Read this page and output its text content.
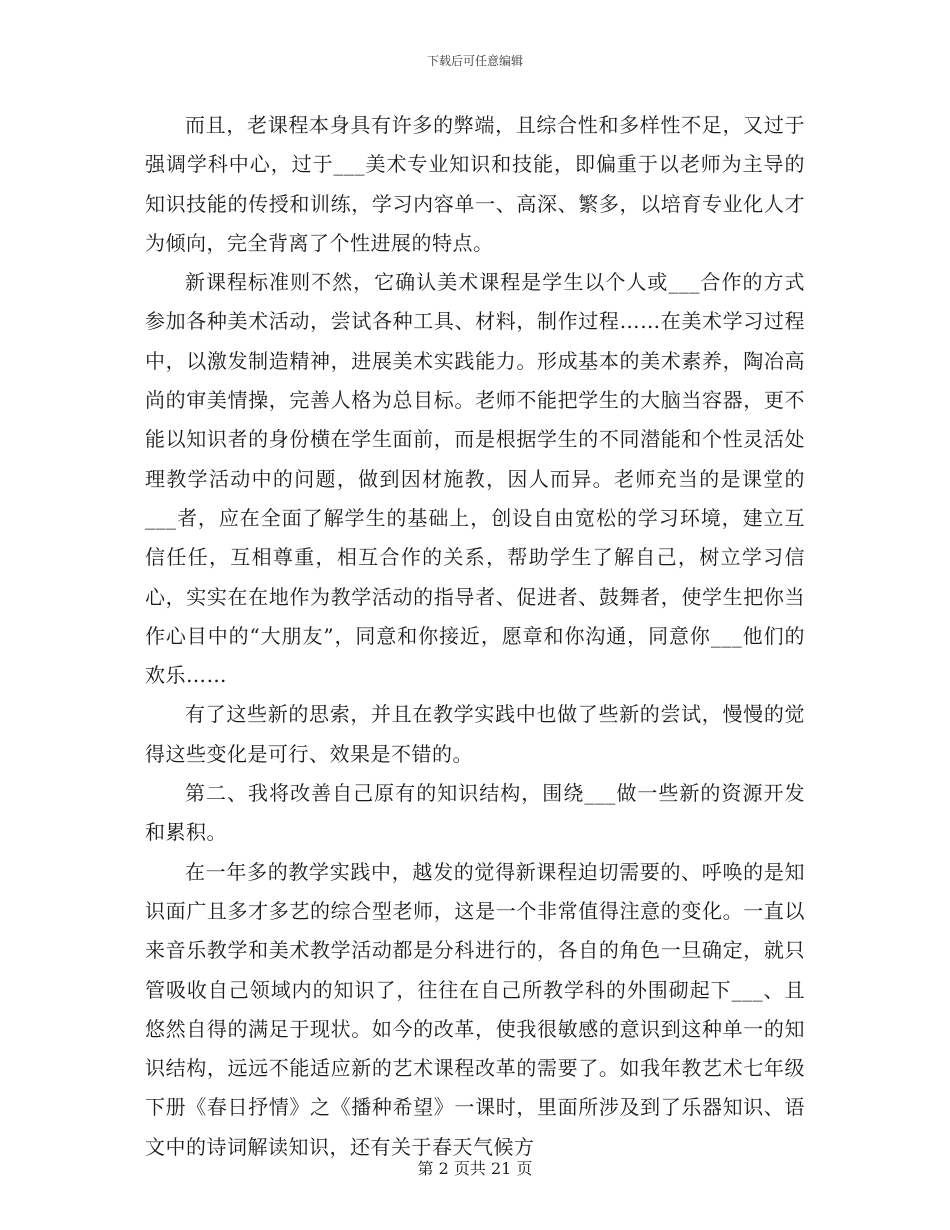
下载后可任意编辑

而且，老课程本身具有许多的弊端，且综合性和多样性不足，又过于强调学科中心，过于___美术专业知识和技能，即偏重于以老师为主导的知识技能的传授和训练，学习内容单一、高深、繁多，以培育专业化人才为倾向，完全背离了个性进展的特点。

新课程标准则不然，它确认美术课程是学生以个人或___合作的方式参加各种美术活动，尝试各种工具、材料，制作过程……在美术学习过程中，以激发制造精神，进展美术实践能力。形成基本的美术素养，陶冶高尚的审美情操，完善人格为总目标。老师不能把学生的大脑当容器，更不能以知识者的身份横在学生面前，而是根据学生的不同潜能和个性灵活处理教学活动中的问题，做到因材施教，因人而异。老师充当的是课堂的___者，应在全面了解学生的基础上，创设自由宽松的学习环境，建立互信任任，互相尊重，相互合作的关系，帮助学生了解自己，树立学习信心，实实在在地作为教学活动的指导者、促进者、鼓舞者，使学生把你当作心目中的“大朋友”，同意和你接近，愿章和你沟通，同意你___他们的欢乐……

有了这些新的思索，并且在教学实践中也做了些新的尝试，慢慢的觉得这些变化是可行、效果是不错的。

第二、我将改善自己原有的知识结构，围绕___做一些新的资源开发和累积。

在一年多的教学实践中，越发的觉得新课程迫切需要的、呼唤的是知识面广且多才多艺的综合型老师，这是一个非常值得注意的变化。一直以来音乐教学和美术教学活动都是分科进行的，各自的角色一旦确定，就只管吸收自己领域内的知识了，往往在自己所教学科的外围砌起下___、且悠然自得的满足于现状。如今的改革，使我很敏感的意识到这种单一的知识结构，远远不能适应新的艺术课程改革的需要了。如我年教艺术七年级下册《春日抒情》之《播种希望》一课时，里面所涉及到了乐器知识、语文中的诗词解读知识，还有关于春天气候方

第 2 页共 21 页
